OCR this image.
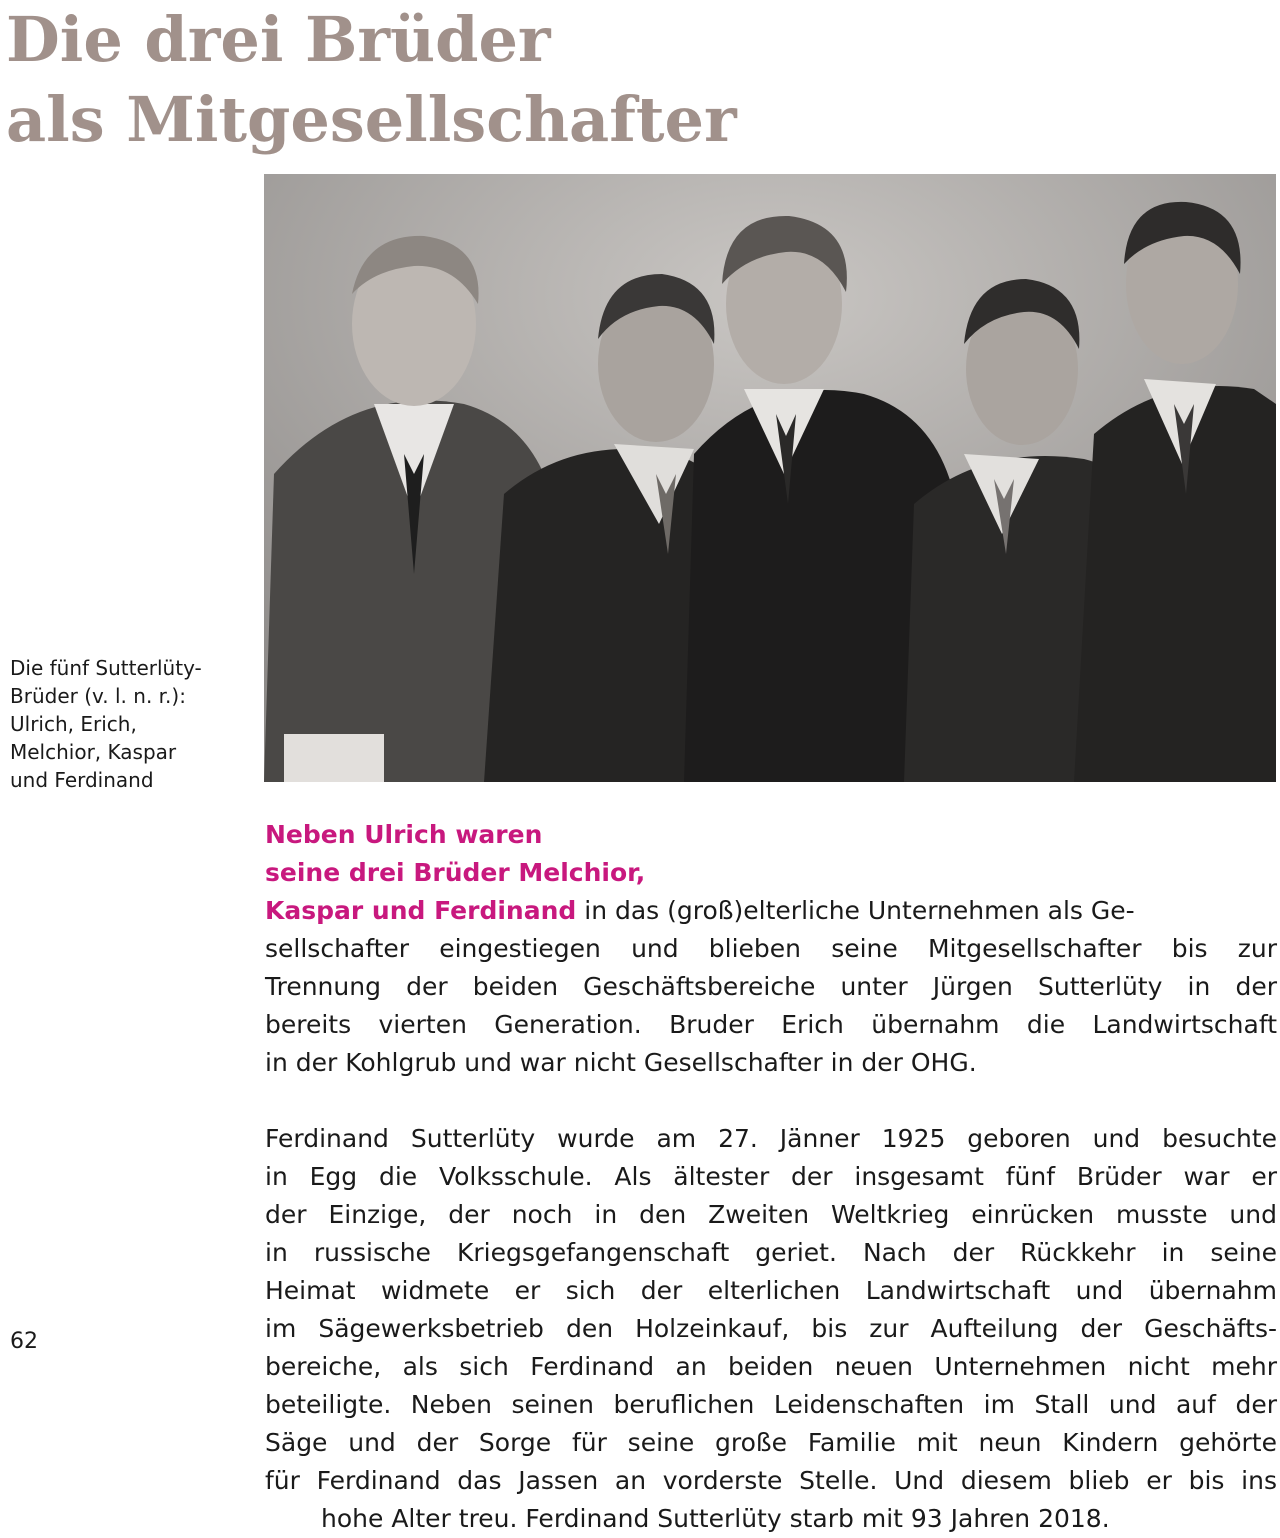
Die drei Brüder
als Mitgesellschafter
Die fünf Sutterlüty-
Brüder (v. l. n. r.):
Ulrich, Erich,
Melchior, Kaspar
und Ferdinand
62
Neben Ulrich waren
seine drei Brüder Melchior,
Kaspar und Ferdinand in das (groß)elterliche Unternehmen als Ge-
sellschafter eingestiegen und blieben seine Mitgesellschafter bis zur
Trennung der beiden Geschäftsbereiche unter Jürgen Sutterlüty in der
bereits vierten Generation. Bruder Erich übernahm die Landwirtschaft
in der Kohlgrub und war nicht Gesellschafter in der OHG.
Ferdinand Sutterlüty wurde am 27. Jänner 1925 geboren und besuchte
in Egg die Volksschule. Als ältester der insgesamt fünf Brüder war er
der Einzige, der noch in den Zweiten Weltkrieg einrücken musste und
in russische Kriegsgefangenschaft geriet. Nach der Rückkehr in seine
Heimat widmete er sich der elterlichen Landwirtschaft und übernahm
im Sägewerksbetrieb den Holzeinkauf, bis zur Aufteilung der Geschäfts-
bereiche, als sich Ferdinand an beiden neuen Unternehmen nicht mehr
beteiligte. Neben seinen beruflichen Leidenschaften im Stall und auf der
Säge und der Sorge für seine große Familie mit neun Kindern gehörte
für Ferdinand das Jassen an vorderste Stelle. Und diesem blieb er bis ins
hohe Alter treu. Ferdinand Sutterlüty starb mit 93 Jahren 2018.
